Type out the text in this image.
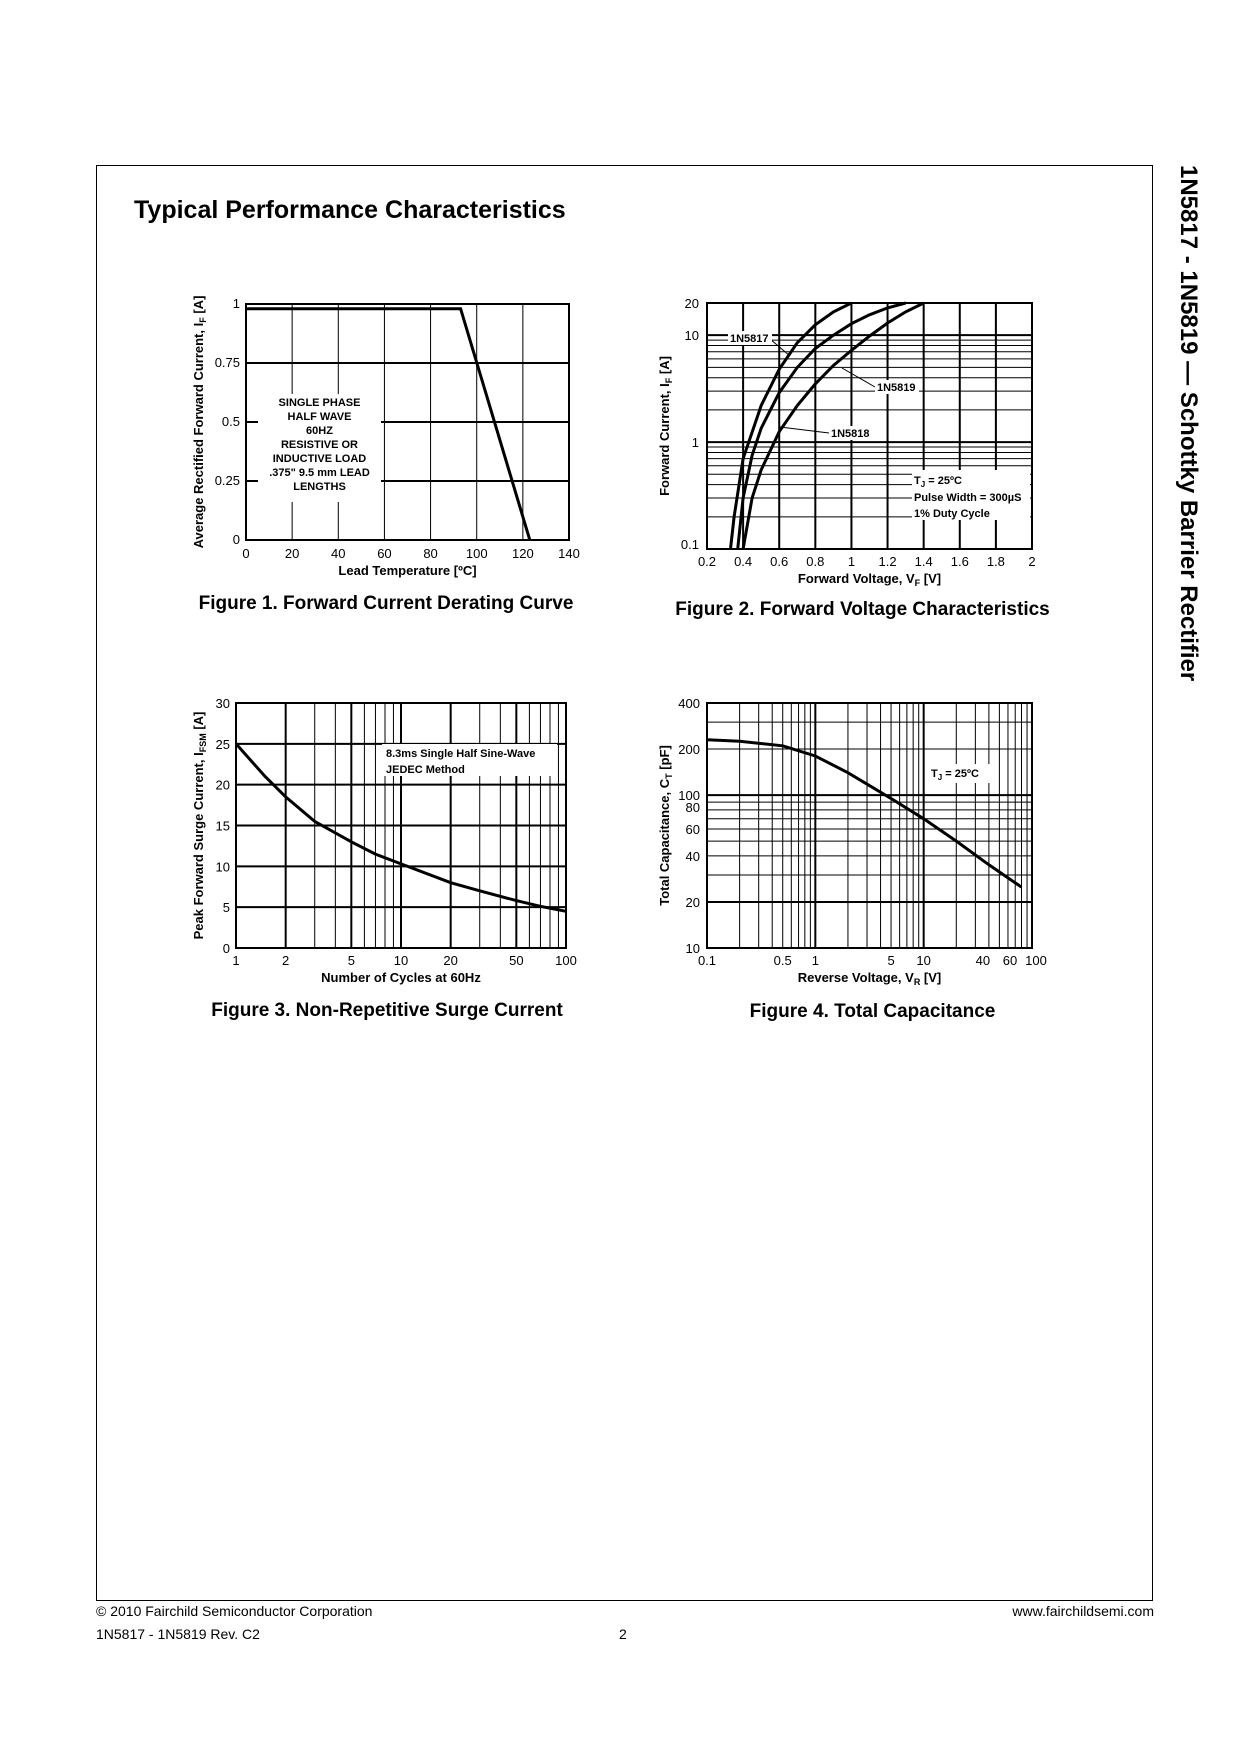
Typical Performance Characteristics	1N5817 - 1N5819 — Schottky Barrier Rectifier
SINGLE PHASE
HALF WAVE
60HZ
RESISTIVE OR
INDUCTIVE LOAD
.375" 9.5 mm LEAD
LENGTHS
0	20 40 60 80 100 120 140
0
0.25
0.5
0.75
1
Lead Temperature [ºC]
Average Rectified Forward Current, $I_F$ [A]
Figure 1. Forward Current Derating Curve
$T_J$ = 25ºC
Pulse Width = 300µS
1% Duty Cycle
1N5817
1N5819
1N5818
0.2 0.4 0.6 0.8 1 1.2 1.4 1.6 1.8 2
0.1
1
10
20
Forward Voltage, $V_F$ [V]
Forward Current, $I_F$ [A]
Figure 2. Forward Voltage Characteristics
8.3ms Single Half Sine-Wave
JEDEC Method
1	2	5	10	20	50 100
0
5
10
15
20
25
30
Number of Cycles at 60Hz
Peak Forward Surge Current, $I_{FSM}$ [A]
Figure 3. Non-Repetitive Surge Current
$T_J$ = 25ºC
0.1	0.5 1	5 10	40 60 100
10
20
40
60
80
100
200
400
Reverse Voltage, $V_R$ [V]
Total Capacitance, $C_T$ [pF]
Figure 4. Total Capacitance
© 2010 Fairchild Semiconductor Corporation
1N5817 - 1N5819 Rev. C2	2
www.fairchildsemi.com
